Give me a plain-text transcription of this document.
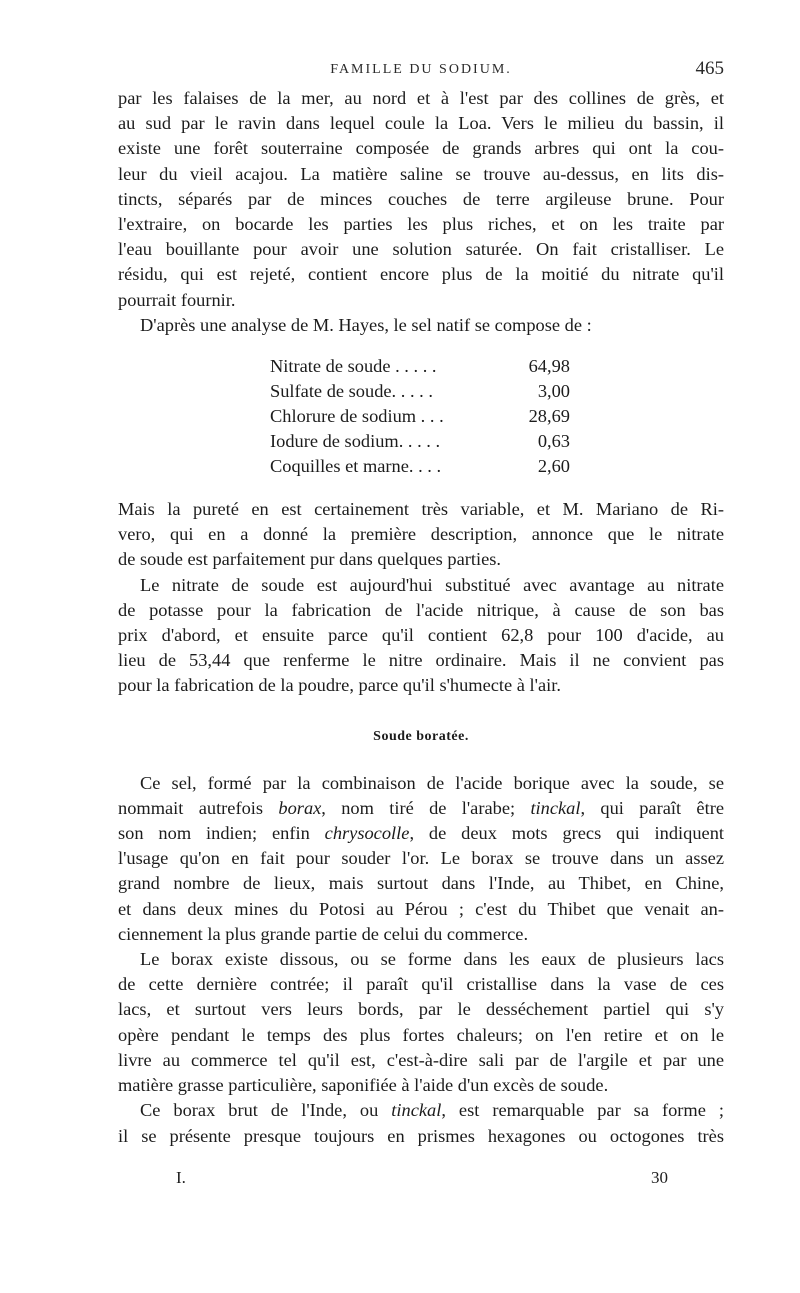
FAMILLE DU SODIUM.	465

par les falaises de la mer, au nord et à l'est par des collines de grès, et
au sud par le ravin dans lequel coule la Loa. Vers le milieu du bassin, il
existe une forêt souterraine composée de grands arbres qui ont la cou-
leur du vieil acajou. La matière saline se trouve au-dessus, en lits dis-
tincts, séparés par de minces couches de terre argileuse brune. Pour
l'extraire, on bocarde les parties les plus riches, et on les traite par
l'eau bouillante pour avoir une solution saturée. On fait cristalliser. Le
résidu, qui est rejeté, contient encore plus de la moitié du nitrate qu'il
pourrait fournir.

D'après une analyse de M. Hayes, le sel natif se compose de :

Nitrate de soude . . . . .	64,98
Sulfate de soude. . . . .	3,00
Chlorure de sodium . . .	28,69
Iodure de sodium. . . . .	0,63
Coquilles et marne. . . .	2,60

Mais la pureté en est certainement très variable, et M. Mariano de Ri-
vero, qui en a donné la première description, annonce que le nitrate
de soude est parfaitement pur dans quelques parties.

Le nitrate de soude est aujourd'hui substitué avec avantage au nitrate
de potasse pour la fabrication de l'acide nitrique, à cause de son bas
prix d'abord, et ensuite parce qu'il contient 62,8 pour 100 d'acide, au
lieu de 53,44 que renferme le nitre ordinaire. Mais il ne convient pas
pour la fabrication de la poudre, parce qu'il s'humecte à l'air.

Soude boratée.

Ce sel, formé par la combinaison de l'acide borique avec la soude, se
nommait autrefois borax, nom tiré de l'arabe; tinckal, qui paraît être
son nom indien; enfin chrysocolle, de deux mots grecs qui indiquent
l'usage qu'on en fait pour souder l'or. Le borax se trouve dans un assez
grand nombre de lieux, mais surtout dans l'Inde, au Thibet, en Chine,
et dans deux mines du Potosi au Pérou ; c'est du Thibet que venait an-
ciennement la plus grande partie de celui du commerce.

Le borax existe dissous, ou se forme dans les eaux de plusieurs lacs
de cette dernière contrée; il paraît qu'il cristallise dans la vase de ces
lacs, et surtout vers leurs bords, par le desséchement partiel qui s'y
opère pendant le temps des plus fortes chaleurs; on l'en retire et on le
livre au commerce tel qu'il est, c'est-à-dire sali par de l'argile et par une
matière grasse particulière, saponifiée à l'aide d'un excès de soude.

Ce borax brut de l'Inde, ou tinckal, est remarquable par sa forme ;
il se présente presque toujours en prismes hexagones ou octogones très

I.	30
